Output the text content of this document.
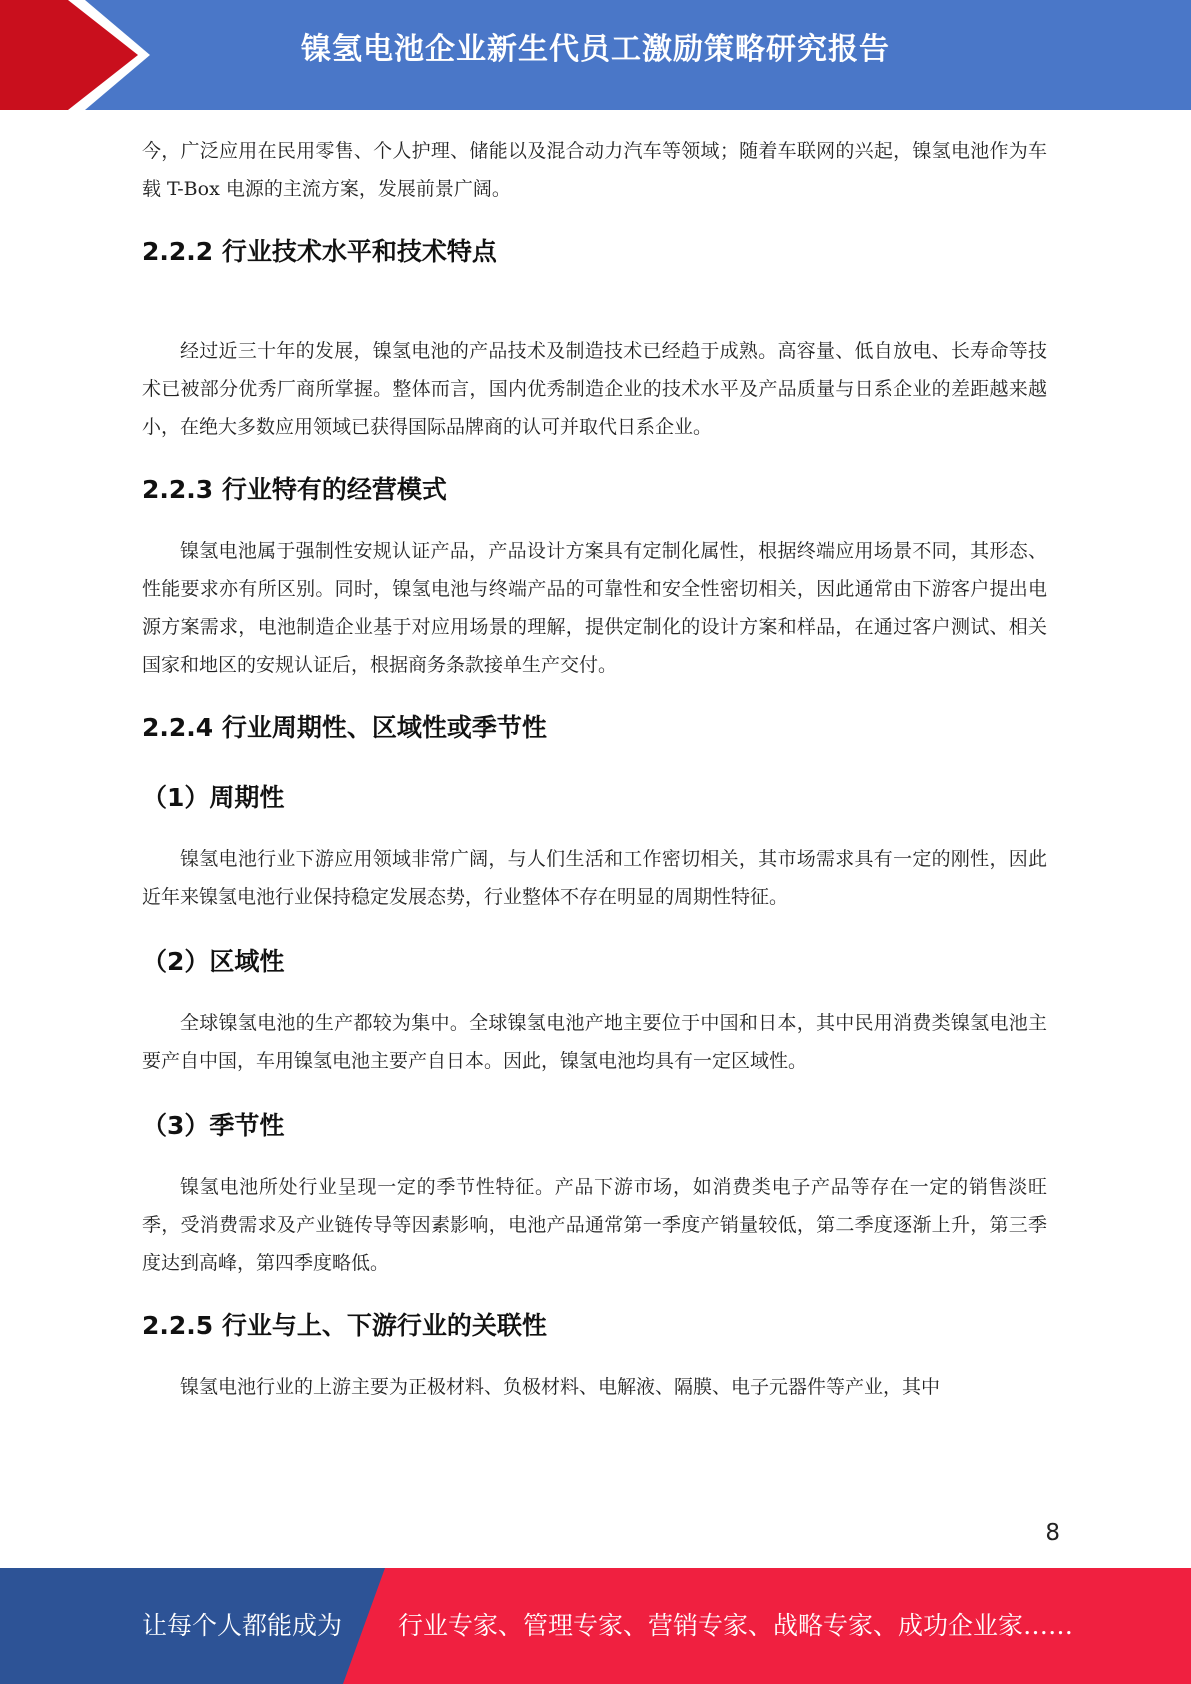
镍氢电池企业新生代员工激励策略研究报告

今，广泛应用在民用零售、个人护理、储能以及混合动力汽车等领域；随着车联网的兴起，镍氢电池作为车载 T-Box 电源的主流方案，发展前景广阔。

2.2.2 行业技术水平和技术特点

经过近三十年的发展，镍氢电池的产品技术及制造技术已经趋于成熟。高容量、低自放电、长寿命等技术已被部分优秀厂商所掌握。整体而言，国内优秀制造企业的技术水平及产品质量与日系企业的差距越来越小，在绝大多数应用领域已获得国际品牌商的认可并取代日系企业。

2.2.3 行业特有的经营模式

镍氢电池属于强制性安规认证产品，产品设计方案具有定制化属性，根据终端应用场景不同，其形态、性能要求亦有所区别。同时，镍氢电池与终端产品的可靠性和安全性密切相关，因此通常由下游客户提出电源方案需求，电池制造企业基于对应用场景的理解，提供定制化的设计方案和样品，在通过客户测试、相关国家和地区的安规认证后，根据商务条款接单生产交付。

2.2.4 行业周期性、区域性或季节性
（1）周期性

镍氢电池行业下游应用领域非常广阔，与人们生活和工作密切相关，其市场需求具有一定的刚性，因此近年来镍氢电池行业保持稳定发展态势，行业整体不存在明显的周期性特征。

（2）区域性

全球镍氢电池的生产都较为集中。全球镍氢电池产地主要位于中国和日本，其中民用消费类镍氢电池主要产自中国，车用镍氢电池主要产自日本。因此，镍氢电池均具有一定区域性。

（3）季节性

镍氢电池所处行业呈现一定的季节性特征。产品下游市场，如消费类电子产品等存在一定的销售淡旺季，受消费需求及产业链传导等因素影响，电池产品通常第一季度产销量较低，第二季度逐渐上升，第三季度达到高峰，第四季度略低。

2.2.5 行业与上、下游行业的关联性

镍氢电池行业的上游主要为正极材料、负极材料、电解液、隔膜、电子元器件等产业，其中

8
让每个人都能成为 行业专家、管理专家、营销专家、战略专家、成功企业家……
